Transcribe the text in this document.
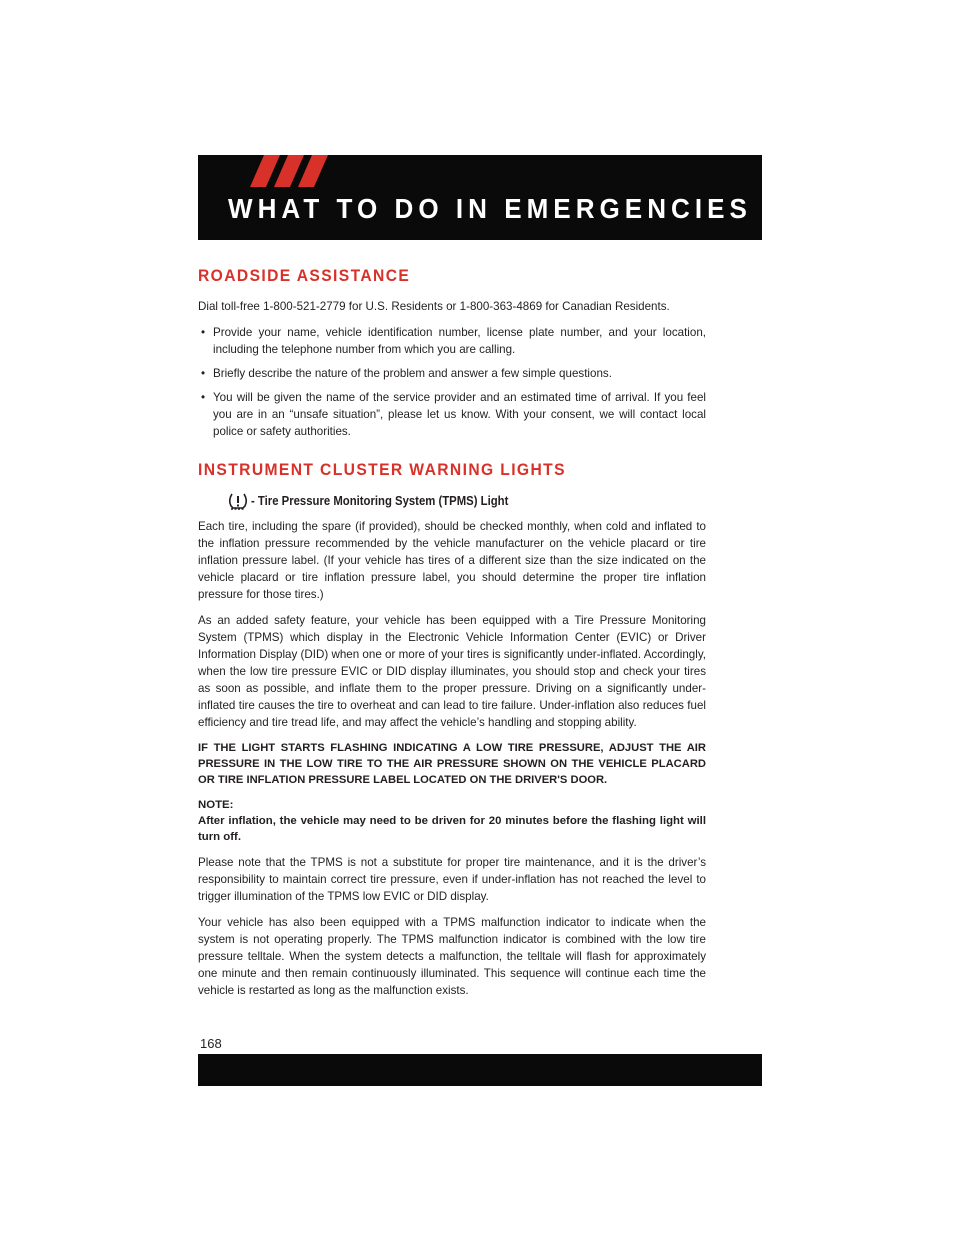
WHAT TO DO IN EMERGENCIES
ROADSIDE ASSISTANCE

Dial toll-free 1-800-521-2779 for U.S. Residents or 1-800-363-4869 for Canadian Residents.

• Provide your name, vehicle identification number, license plate number, and your location, including the telephone number from which you are calling.
• Briefly describe the nature of the problem and answer a few simple questions.
• You will be given the name of the service provider and an estimated time of arrival. If you feel you are in an “unsafe situation”, please let us know. With your consent, we will contact local police or safety authorities.
INSTRUMENT CLUSTER WARNING LIGHTS
- Tire Pressure Monitoring System (TPMS) Light

Each tire, including the spare (if provided), should be checked monthly, when cold and inflated to the inflation pressure recommended by the vehicle manufacturer on the vehicle placard or tire inflation pressure label. (If your vehicle has tires of a different size than the size indicated on the vehicle placard or tire inflation pressure label, you should determine the proper tire inflation pressure for those tires.)

As an added safety feature, your vehicle has been equipped with a Tire Pressure Monitoring System (TPMS) which display in the Electronic Vehicle Information Center (EVIC) or Driver Information Display (DID) when one or more of your tires is significantly under-inflated. Accordingly, when the low tire pressure EVIC or DID display illuminates, you should stop and check your tires as soon as possible, and inflate them to the proper pressure. Driving on a significantly under-inflated tire causes the tire to overheat and can lead to tire failure. Under-inflation also reduces fuel efficiency and tire tread life, and may affect the vehicle’s handling and stopping ability.

IF THE LIGHT STARTS FLASHING INDICATING A LOW TIRE PRESSURE, ADJUST THE AIR PRESSURE IN THE LOW TIRE TO THE AIR PRESSURE SHOWN ON THE VEHICLE PLACARD OR TIRE INFLATION PRESSURE LABEL LOCATED ON THE DRIVER'S DOOR.

NOTE:

After inflation, the vehicle may need to be driven for 20 minutes before the flashing light will turn off.

Please note that the TPMS is not a substitute for proper tire maintenance, and it is the driver’s responsibility to maintain correct tire pressure, even if under-inflation has not reached the level to trigger illumination of the TPMS low EVIC or DID display.

Your vehicle has also been equipped with a TPMS malfunction indicator to indicate when the system is not operating properly. The TPMS malfunction indicator is combined with the low tire pressure telltale. When the system detects a malfunction, the telltale will flash for approximately one minute and then remain continuously illuminated. This sequence will continue each time the vehicle is restarted as long as the malfunction exists.

168
